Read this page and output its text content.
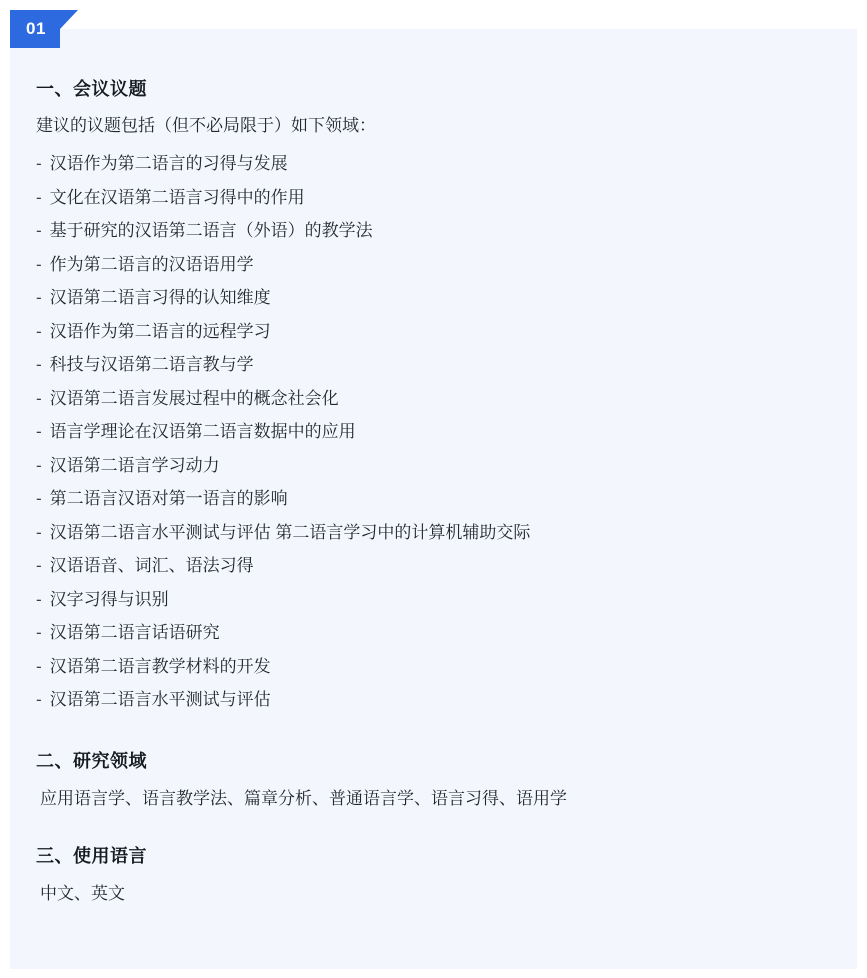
01
一、会议议题

建议的议题包括（但不必局限于）如下领域：

- 汉语作为第二语言的习得与发展
- 文化在汉语第二语言习得中的作用
- 基于研究的汉语第二语言（外语）的教学法
- 作为第二语言的汉语语用学
- 汉语第二语言习得的认知维度
- 汉语作为第二语言的远程学习
- 科技与汉语第二语言教与学
- 汉语第二语言发展过程中的概念社会化
- 语言学理论在汉语第二语言数据中的应用
- 汉语第二语言学习动力
- 第二语言汉语对第一语言的影响
- 汉语第二语言水平测试与评估 第二语言学习中的计算机辅助交际
- 汉语语音、词汇、语法习得
- 汉字习得与识别
- 汉语第二语言话语研究
- 汉语第二语言教学材料的开发
- 汉语第二语言水平测试与评估
二、研究领域

应用语言学、语言教学法、篇章分析、普通语言学、语言习得、语用学

三、使用语言

中文、英文
